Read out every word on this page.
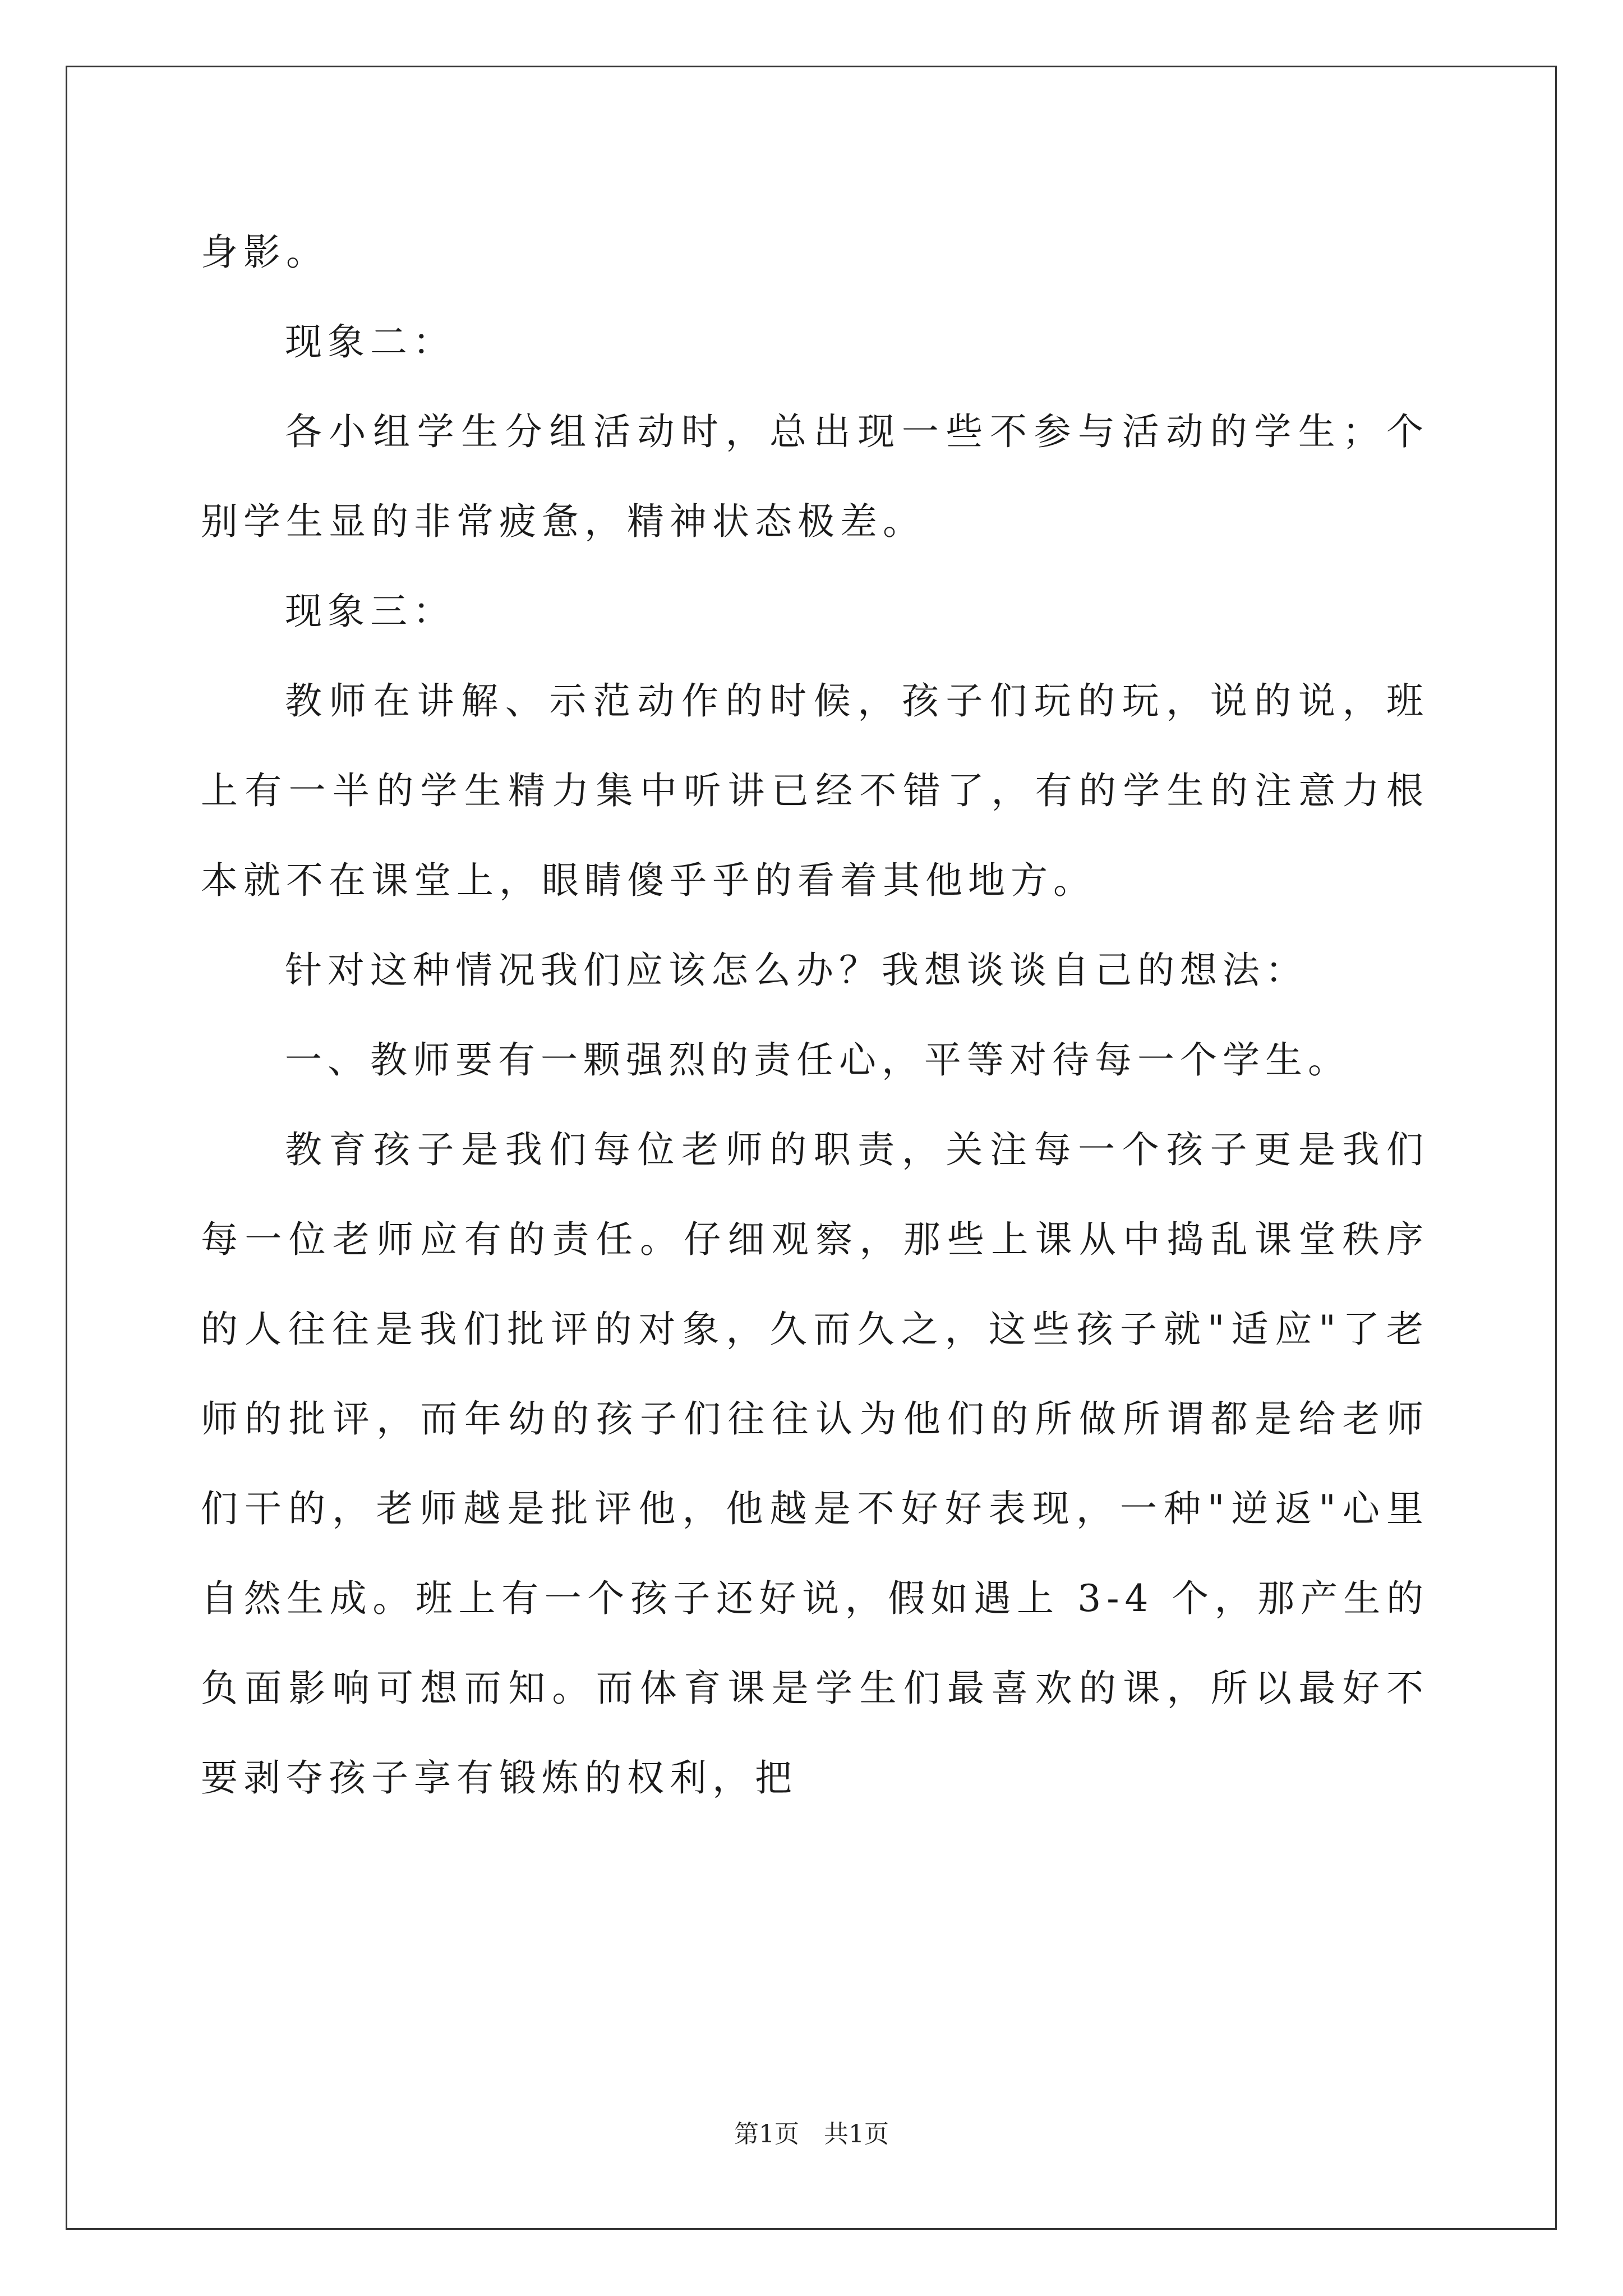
身影。

现象二：

各小组学生分组活动时，总出现一些不参与活动的学生；个别学生显的非常疲惫，精神状态极差。

现象三：

教师在讲解、示范动作的时候，孩子们玩的玩，说的说，班上有一半的学生精力集中听讲已经不错了，有的学生的注意力根本就不在课堂上，眼睛傻乎乎的看着其他地方。

针对这种情况我们应该怎么办？我想谈谈自己的想法：

一、教师要有一颗强烈的责任心，平等对待每一个学生。

教育孩子是我们每位老师的职责，关注每一个孩子更是我们每一位老师应有的责任。仔细观察，那些上课从中捣乱课堂秩序的人往往是我们批评的对象，久而久之，这些孩子就"适应"了老师的批评，而年幼的孩子们往往认为他们的所做所谓都是给老师们干的，老师越是批评他，他越是不好好表现，一种"逆返"心里自然生成。班上有一个孩子还好说，假如遇上 3-4 个，那产生的负面影响可想而知。而体育课是学生们最喜欢的课，所以最好不要剥夺孩子享有锻炼的权利，把

第1页　共1页
